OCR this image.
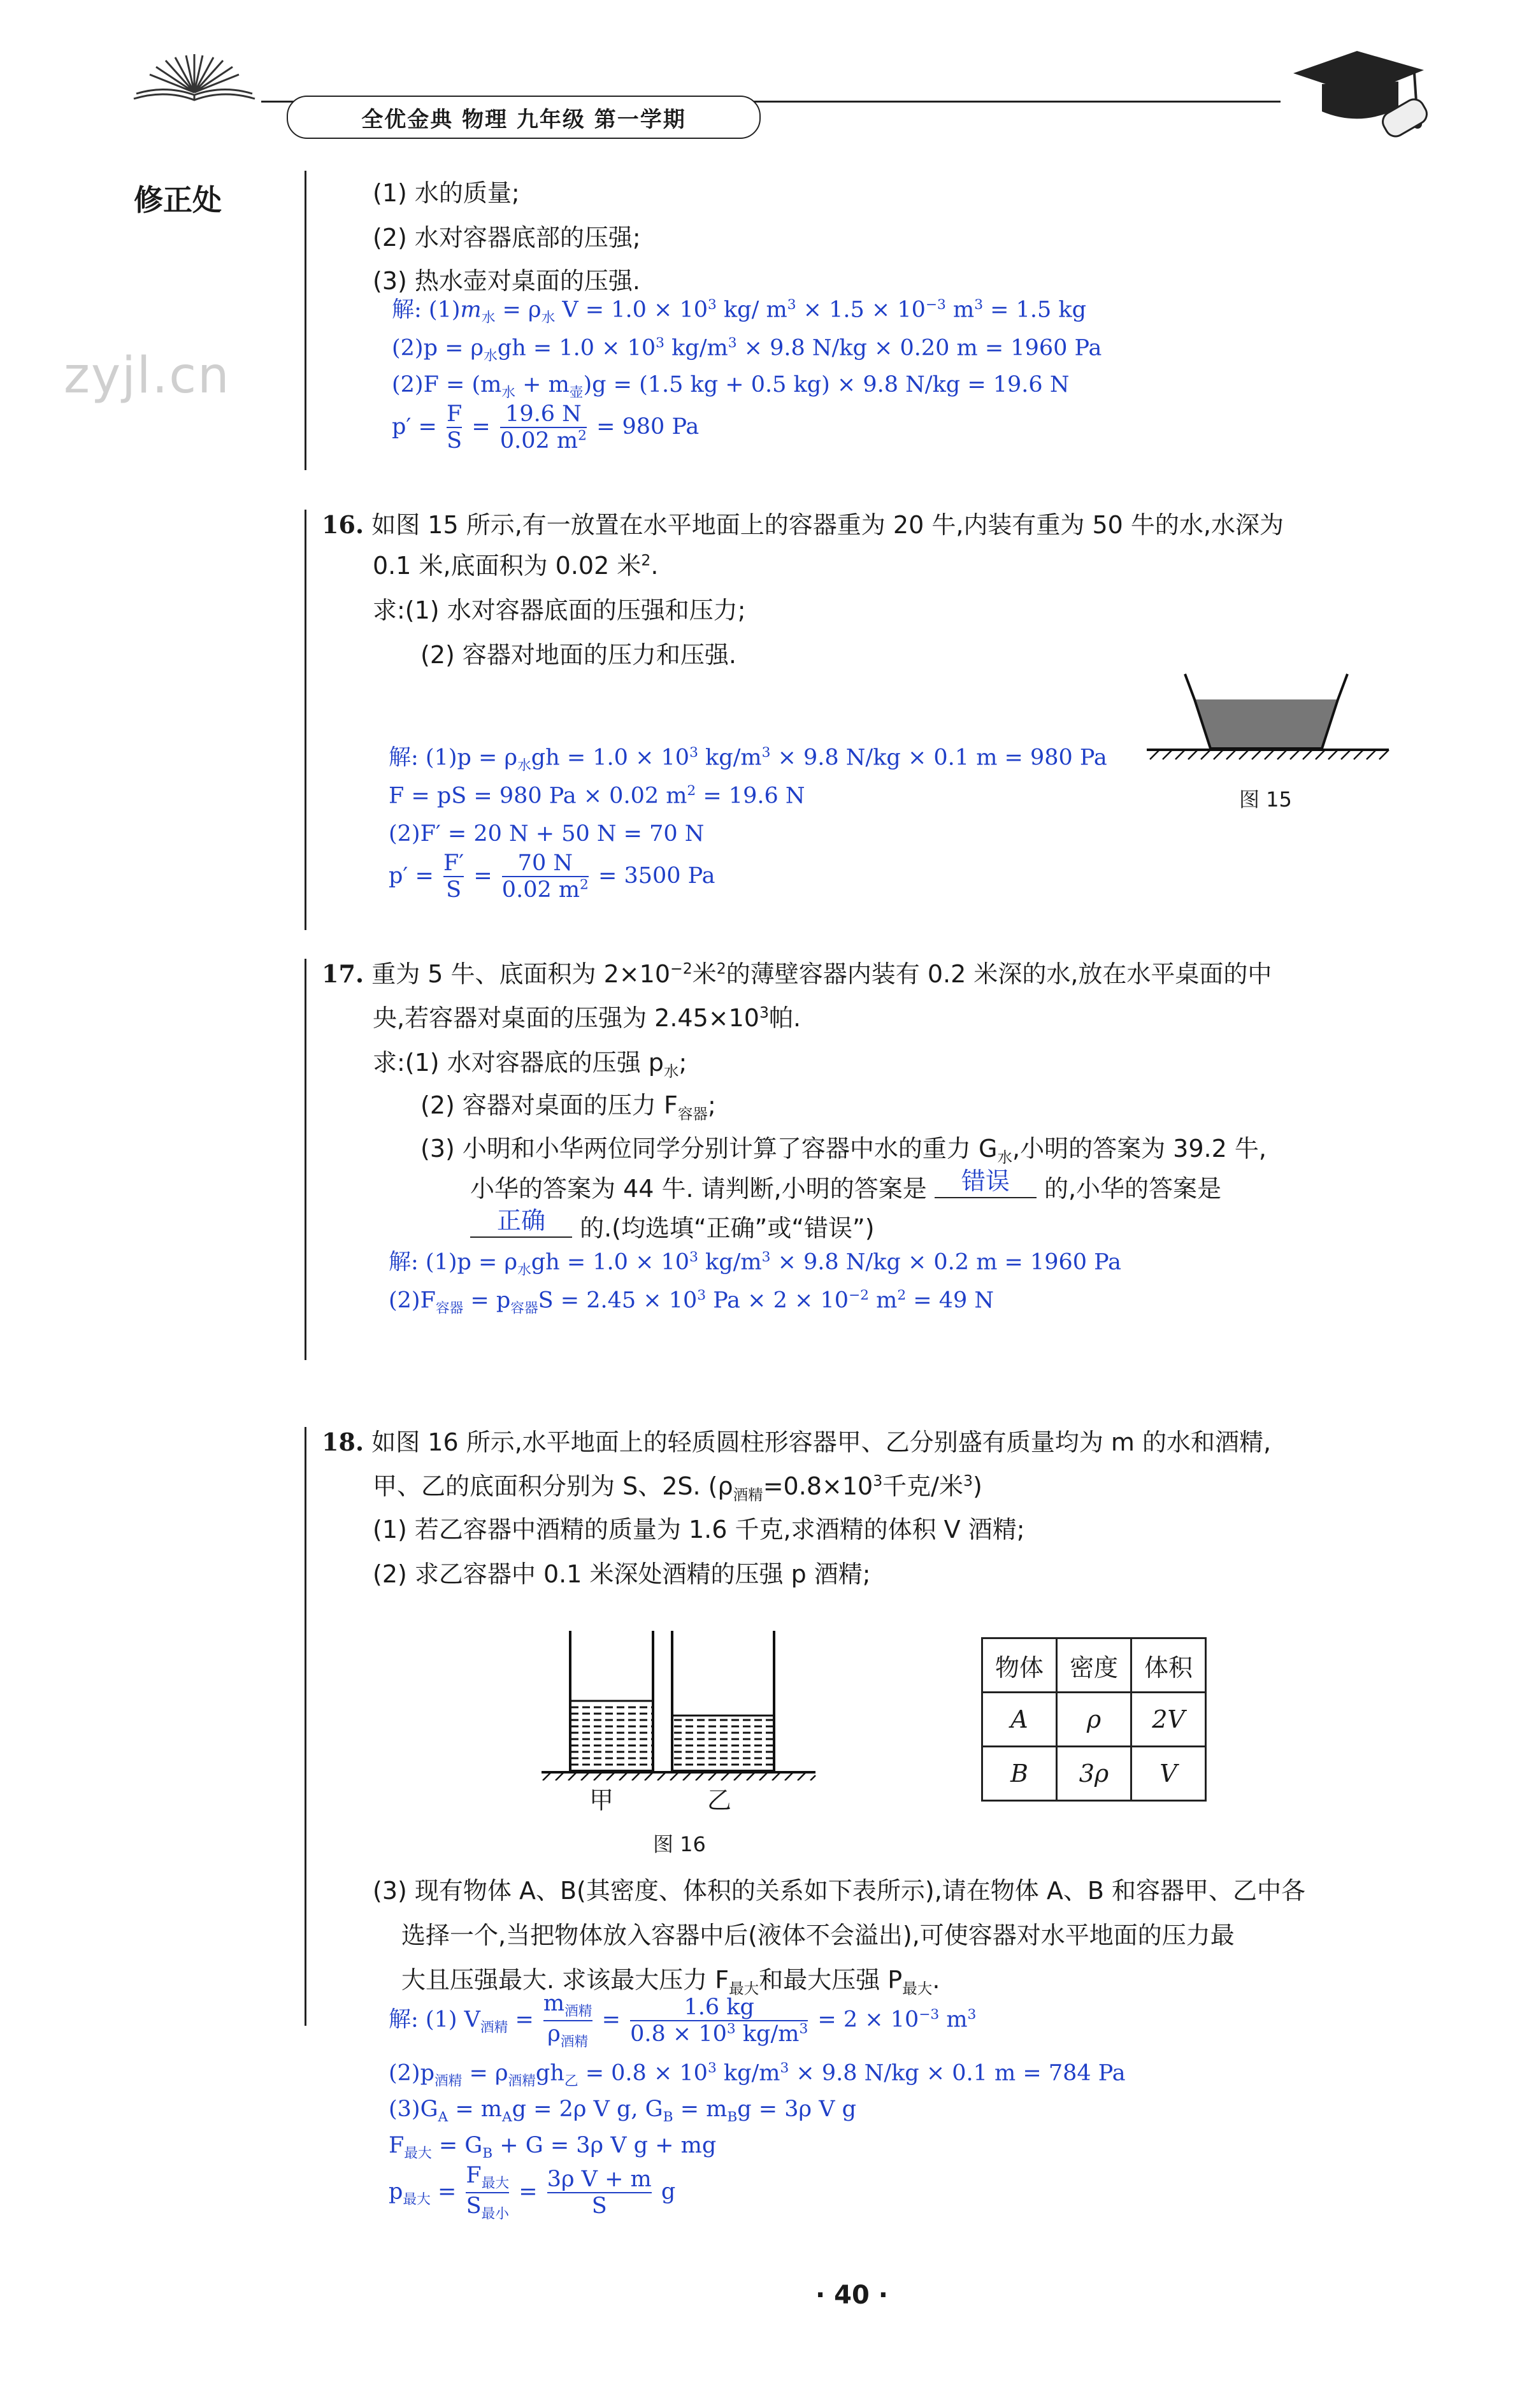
全优金典 物理 九年级 第一学期
修正处
zyjl.cn
(1) 水的质量;
(2) 水对容器底部的压强;
(3) 热水壶对桌面的压强.
解: $(1)m_水 = \rho_水$ $V = 1.0 \times 10^3$ kg/ $m^3 \times 1.5 \times 10^{-3}$ $m^3 = 1.5$ kg
$(2)p = \rho_水gh = 1.0 \times 10^3$ $kg/m^3 \times 9.8$ N/kg × 0.20 m = 1960 Pa
$(2)F = (m_水 + m_壶)g = (1.5$ kg + 0.5 kg) × 9.8 N/kg = 19.6 N
$p' = \frac{F}{S} = \frac{19.6 N}{0.02 m^2} = 980$ Pa
16. 如图 15 所示,有一放置在水平地面上的容器重为 20 牛,内装有重为 50 牛的水,水深为
0.1 米,底面积为 0.02 米$^2$.
求:(1) 水对容器底面的压强和压力;
(2) 容器对地面的压力和压强.
图 15
解: $(1)p = \rho_水gh = 1.0 \times 10^3$ $kg/m^3 \times 9.8$ N/kg × 0.1 m = 980 Pa
F = pS = 980 Pa × 0.02 $m^2 = 19.6$ N
(2)F′ = 20 N + 50 N = 70 N
$p' = \frac{F'}{S} = \frac{70 N}{0.02 m^2} = 3500$ Pa
17. 重为 5 牛、底面积为 $2\times 10^{-2}$米$^2$的薄壁容器内装有 0.2 米深的水,放在水平桌面的中
央,若容器对桌面的压强为 $2.45\times 10^3$帕.
求:(1) 水对容器底的压强 $p_水$;
(2) 容器对桌面的压力 $F_{容器}$;
(3) 小明和小华两位同学分别计算了容器中水的重力 $G_水$,小明的答案为 39.2 牛,
小华的答案为 44 牛. 请判断,小明的答案是 错误 的,小华的答案是
正确 的.(均选填“正确”或“错误”)
解: $(1)p = \rho_水gh = 1.0 \times 10^3$ $kg/m^3 \times 9.8$ N/kg × 0.2 m = 1960 Pa
$(2)F_{容器} = p_{容器}S = 2.45 \times 10^3$ $Pa \times 2 \times 10^{-2}$ $m^2 = 49$ N
18. 如图 16 所示,水平地面上的轻质圆柱形容器甲、乙分别盛有质量均为 m 的水和酒精,
甲、乙的底面积分别为 S、2S. ($\rho_{酒精}=0.8\times 10^3$千克/米$^3$)
(1) 若乙容器中酒精的质量为 1.6 千克,求酒精的体积 V 酒精;
(2) 求乙容器中 0.1 米深处酒精的压强 p 酒精;
甲	乙
图 16
物体	密度	体积
A	ρ	2V
B	3ρ	V
(3) 现有物体 A、B(其密度、体积的关系如下表所示),请在物体 A、B 和容器甲、乙中各
选择一个,当把物体放入容器中后(液体不会溢出),可使容器对水平地面的压力最
大且压强最大. 求该最大压力 $F_{最大}$和最大压强 $P_{最大}$.
解: (1) $V_{酒精} = \frac{m_{酒精}}{\rho_{酒精}} = \frac{1.6 kg}{0.8 \times 10^3 kg/m^3} = 2 \times 10^{-3}$ $m^3$
$(2)p_{酒精} = \rho_{酒精}gh_乙 = 0.8 \times 10^3$ $kg/m^3 \times 9.8$ N/kg × 0.1 m = 784 Pa
$(3)G_A = m_Ag = 2\rho$ V g, $G_B = m_Bg = 3\rho$ V g
$F_{最大} = G_B + G = 3\rho$ V g + mg
$p_{最大} = \frac{F_{最大}}{S_{最小}} = \frac{\text{3ρ V + m}}{S}$ g
· 40 ·
